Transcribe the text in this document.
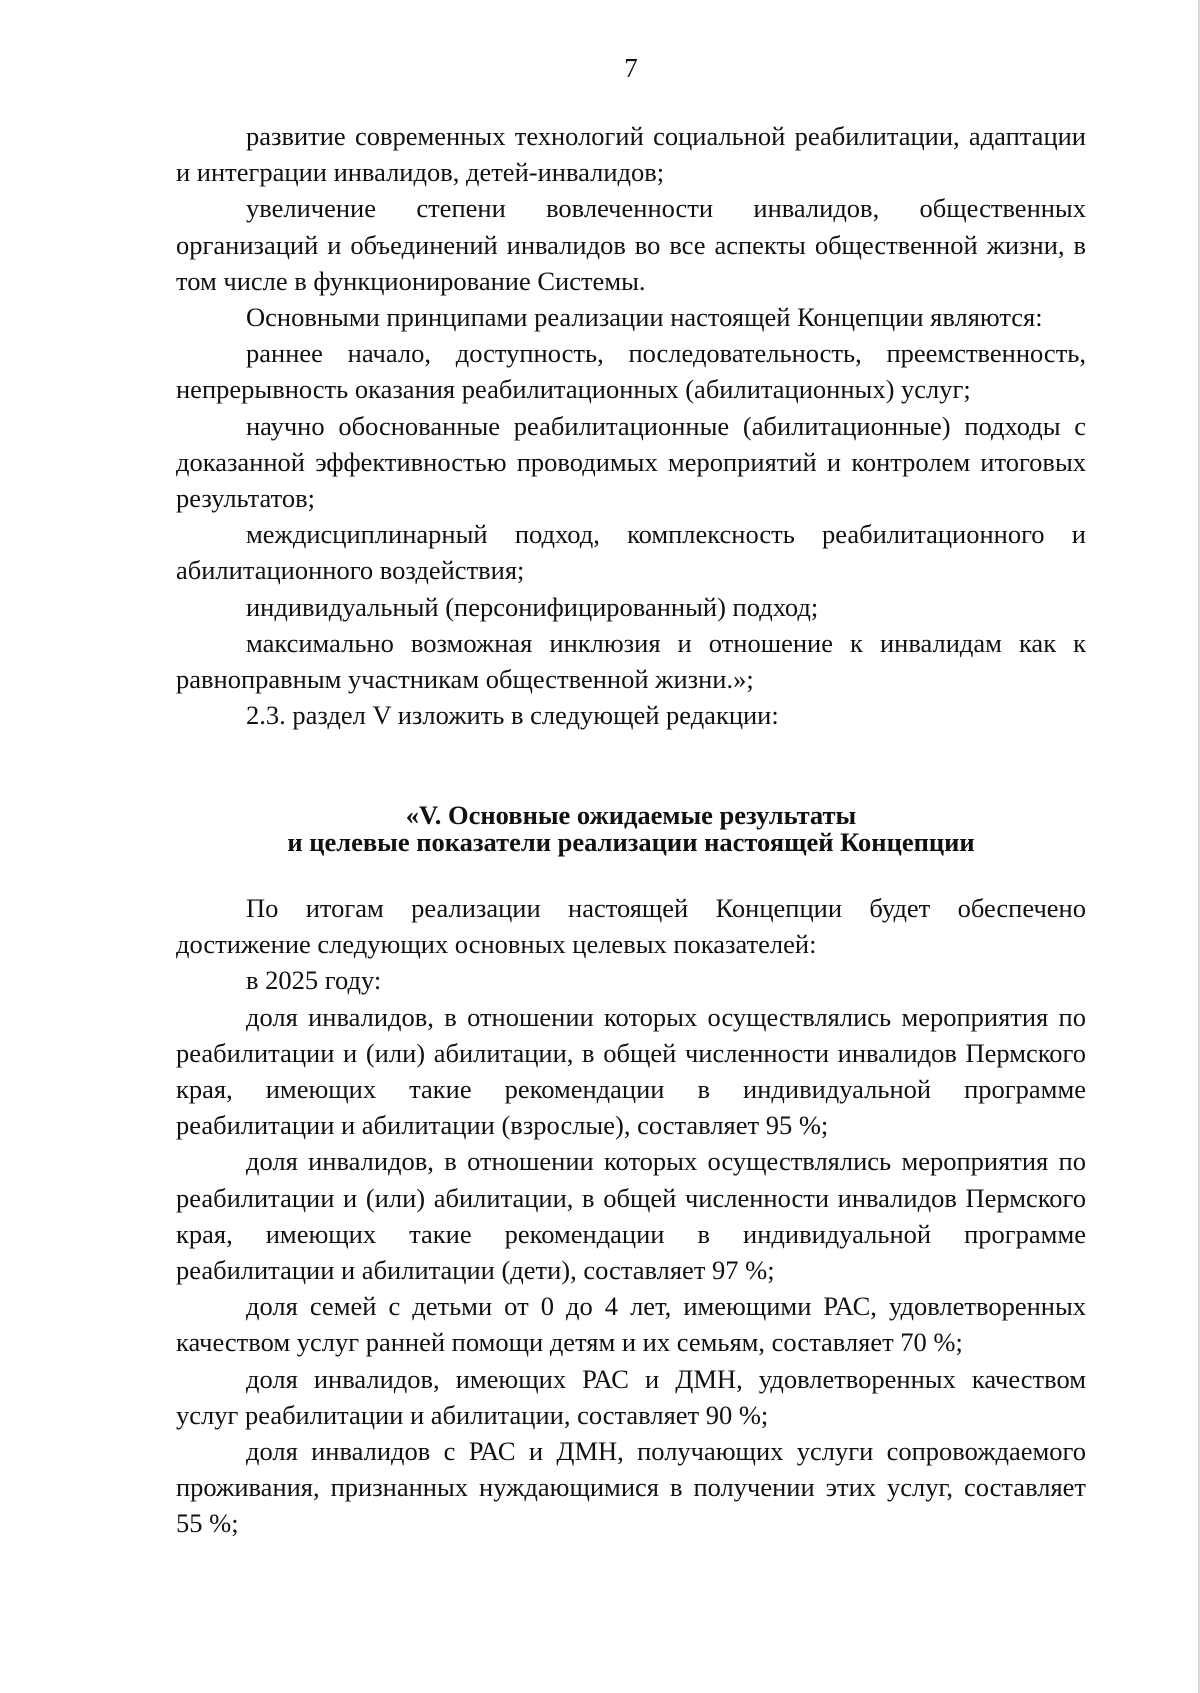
7

развитие современных технологий социальной реабилитации, адаптации и интеграции инвалидов, детей-инвалидов;

увеличение степени вовлеченности инвалидов, общественных организаций и объединений инвалидов во все аспекты общественной жизни, в том числе в функционирование Системы.

Основными принципами реализации настоящей Концепции являются:

раннее начало, доступность, последовательность, преемственность, непрерывность оказания реабилитационных (абилитационных) услуг;

научно обоснованные реабилитационные (абилитационные) подходы с доказанной эффективностью проводимых мероприятий и контролем итоговых результатов;

междисциплинарный подход, комплексность реабилитационного и абилитационного воздействия;

индивидуальный (персонифицированный) подход;

максимально возможная инклюзия и отношение к инвалидам как к равноправным участникам общественной жизни.»;

2.3. раздел V изложить в следующей редакции:

«V. Основные ожидаемые результаты
и целевые показатели реализации настоящей Концепции

По итогам реализации настоящей Концепции будет обеспечено достижение следующих основных целевых показателей:

в 2025 году:

доля инвалидов, в отношении которых осуществлялись мероприятия по реабилитации и (или) абилитации, в общей численности инвалидов Пермского края, имеющих такие рекомендации в индивидуальной программе реабилитации и абилитации (взрослые), составляет 95 %;

доля инвалидов, в отношении которых осуществлялись мероприятия по реабилитации и (или) абилитации, в общей численности инвалидов Пермского края, имеющих такие рекомендации в индивидуальной программе реабилитации и абилитации (дети), составляет 97 %;

доля семей с детьми от 0 до 4 лет, имеющими РАС, удовлетворенных качеством услуг ранней помощи детям и их семьям, составляет 70 %;

доля инвалидов, имеющих РАС и ДМН, удовлетворенных качеством услуг реабилитации и абилитации, составляет 90 %;

доля инвалидов с РАС и ДМН, получающих услуги сопровождаемого проживания, признанных нуждающимися в получении этих услуг, составляет 55 %;
